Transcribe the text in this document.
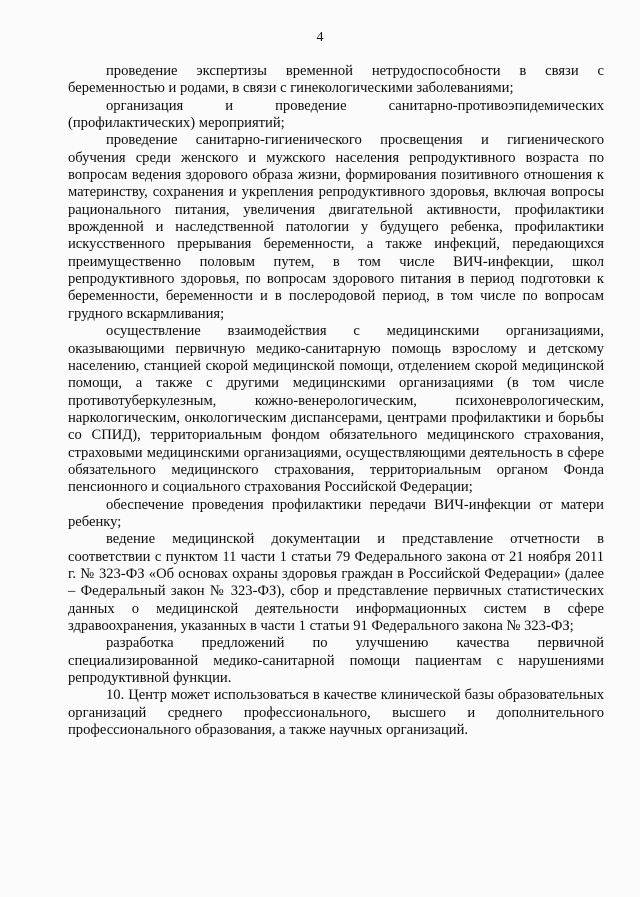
4

проведение экспертизы временной нетрудоспособности в связи с беременностью и родами, в связи с гинекологическими заболеваниями;

организация и проведение санитарно-противоэпидемических (профилактических) мероприятий;

проведение санитарно-гигиенического просвещения и гигиенического обучения среди женского и мужского населения репродуктивного возраста по вопросам ведения здорового образа жизни, формирования позитивного отношения к материнству, сохранения и укрепления репродуктивного здоровья, включая вопросы рационального питания, увеличения двигательной активности, профилактики врожденной и наследственной патологии у будущего ребенка, профилактики искусственного прерывания беременности, а также инфекций, передающихся преимущественно половым путем, в том числе ВИЧ-инфекции, школ репродуктивного здоровья, по вопросам здорового питания в период подготовки к беременности, беременности и в послеродовой период, в том числе по вопросам грудного вскармливания;

осуществление взаимодействия с медицинскими организациями, оказывающими первичную медико-санитарную помощь взрослому и детскому населению, станцией скорой медицинской помощи, отделением скорой медицинской помощи, а также с другими медицинскими организациями (в том числе противотуберкулезным, кожно-венерологическим, психоневрологическим, наркологическим, онкологическим диспансерами, центрами профилактики и борьбы со СПИД), территориальным фондом обязательного медицинского страхования, страховыми медицинскими организациями, осуществляющими деятельность в сфере обязательного медицинского страхования, территориальным органом Фонда пенсионного и социального страхования Российской Федерации;

обеспечение проведения профилактики передачи ВИЧ-инфекции от матери ребенку;

ведение медицинской документации и представление отчетности в соответствии с пунктом 11 части 1 статьи 79 Федерального закона от 21 ноября 2011 г. № 323-ФЗ «Об основах охраны здоровья граждан в Российской Федерации» (далее – Федеральный закон № 323-ФЗ), сбор и представление первичных статистических данных о медицинской деятельности информационных систем в сфере здравоохранения, указанных в части 1 статьи 91 Федерального закона № 323-ФЗ;

разработка предложений по улучшению качества первичной специализированной медико-санитарной помощи пациентам с нарушениями репродуктивной функции.

10. Центр может использоваться в качестве клинической базы образовательных организаций среднего профессионального, высшего и дополнительного профессионального образования, а также научных организаций.
